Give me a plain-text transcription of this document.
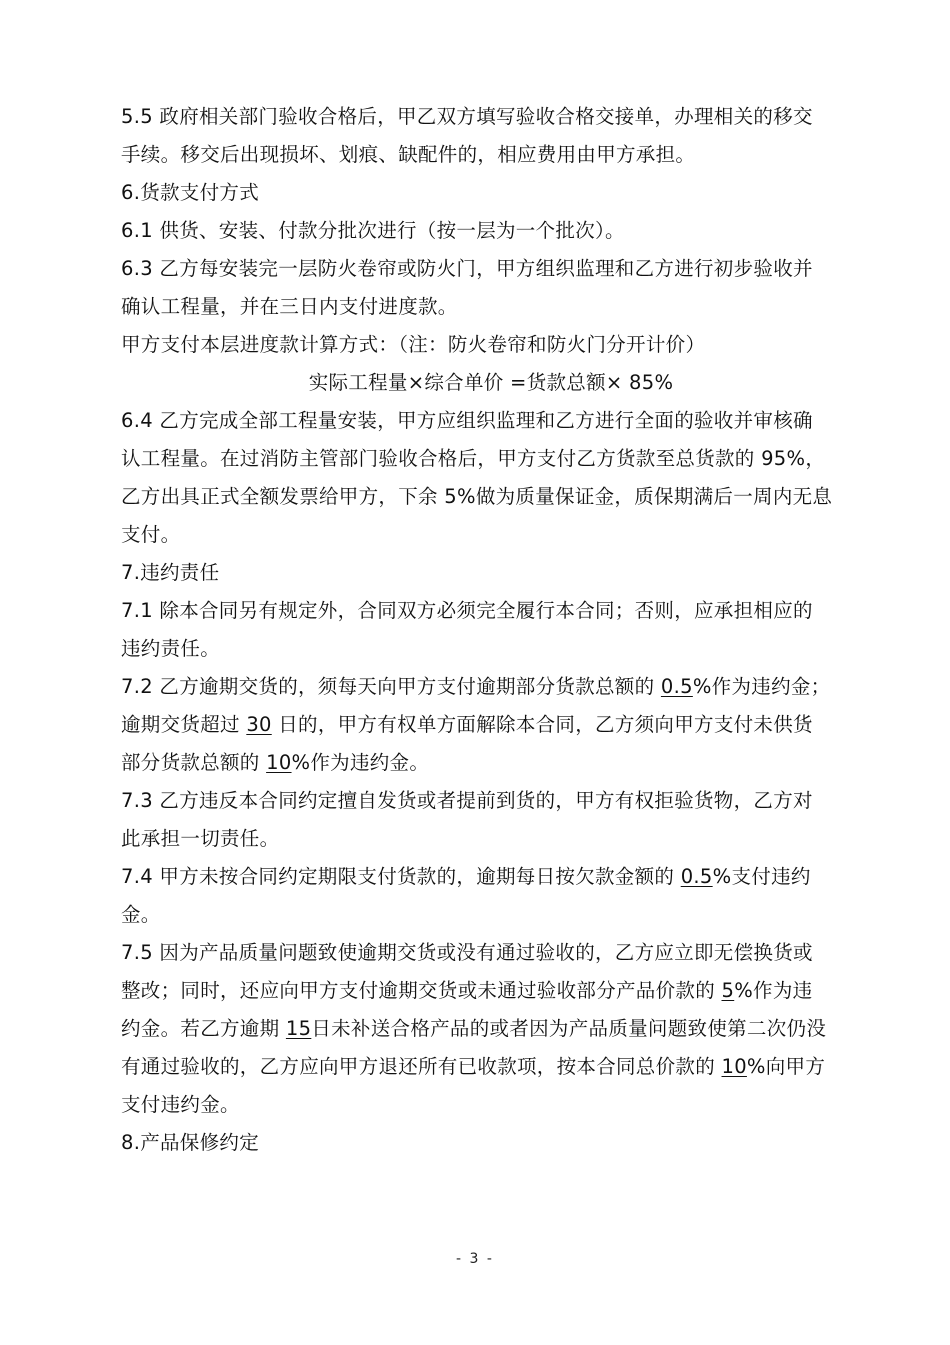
5.5 政府相关部门验收合格后，甲乙双方填写验收合格交接单，办理相关的移交
手续。移交后出现损坏、划痕、缺配件的，相应费用由甲方承担。
6.货款支付方式
6.1 供货、安装、付款分批次进行（按一层为一个批次）。
6.3 乙方每安装完一层防火卷帘或防火门，甲方组织监理和乙方进行初步验收并
确认工程量，并在三日内支付进度款。
甲方支付本层进度款计算方式：（注：防火卷帘和防火门分开计价）
实际工程量×综合单价 =货款总额× 85%
6.4 乙方完成全部工程量安装，甲方应组织监理和乙方进行全面的验收并审核确
认工程量。在过消防主管部门验收合格后，甲方支付乙方货款至总货款的 95%，
乙方出具正式全额发票给甲方，下余 5%做为质量保证金，质保期满后一周内无息
支付。
7.违约责任
7.1 除本合同另有规定外，合同双方必须完全履行本合同；否则，应承担相应的
违约责任。
7.2 乙方逾期交货的，须每天向甲方支付逾期部分货款总额的 0.5%作为违约金；
逾期交货超过 30 日的，甲方有权单方面解除本合同，乙方须向甲方支付未供货
部分货款总额的 10%作为违约金。
7.3 乙方违反本合同约定擅自发货或者提前到货的，甲方有权拒验货物，乙方对
此承担一切责任。
7.4 甲方未按合同约定期限支付货款的，逾期每日按欠款金额的 0.5%支付违约
金。
7.5 因为产品质量问题致使逾期交货或没有通过验收的，乙方应立即无偿换货或
整改；同时，还应向甲方支付逾期交货或未通过验收部分产品价款的 5%作为违
约金。若乙方逾期 15日未补送合格产品的或者因为产品质量问题致使第二次仍没
有通过验收的，乙方应向甲方退还所有已收款项，按本合同总价款的 10%向甲方
支付违约金。
8.产品保修约定
- 3 -
